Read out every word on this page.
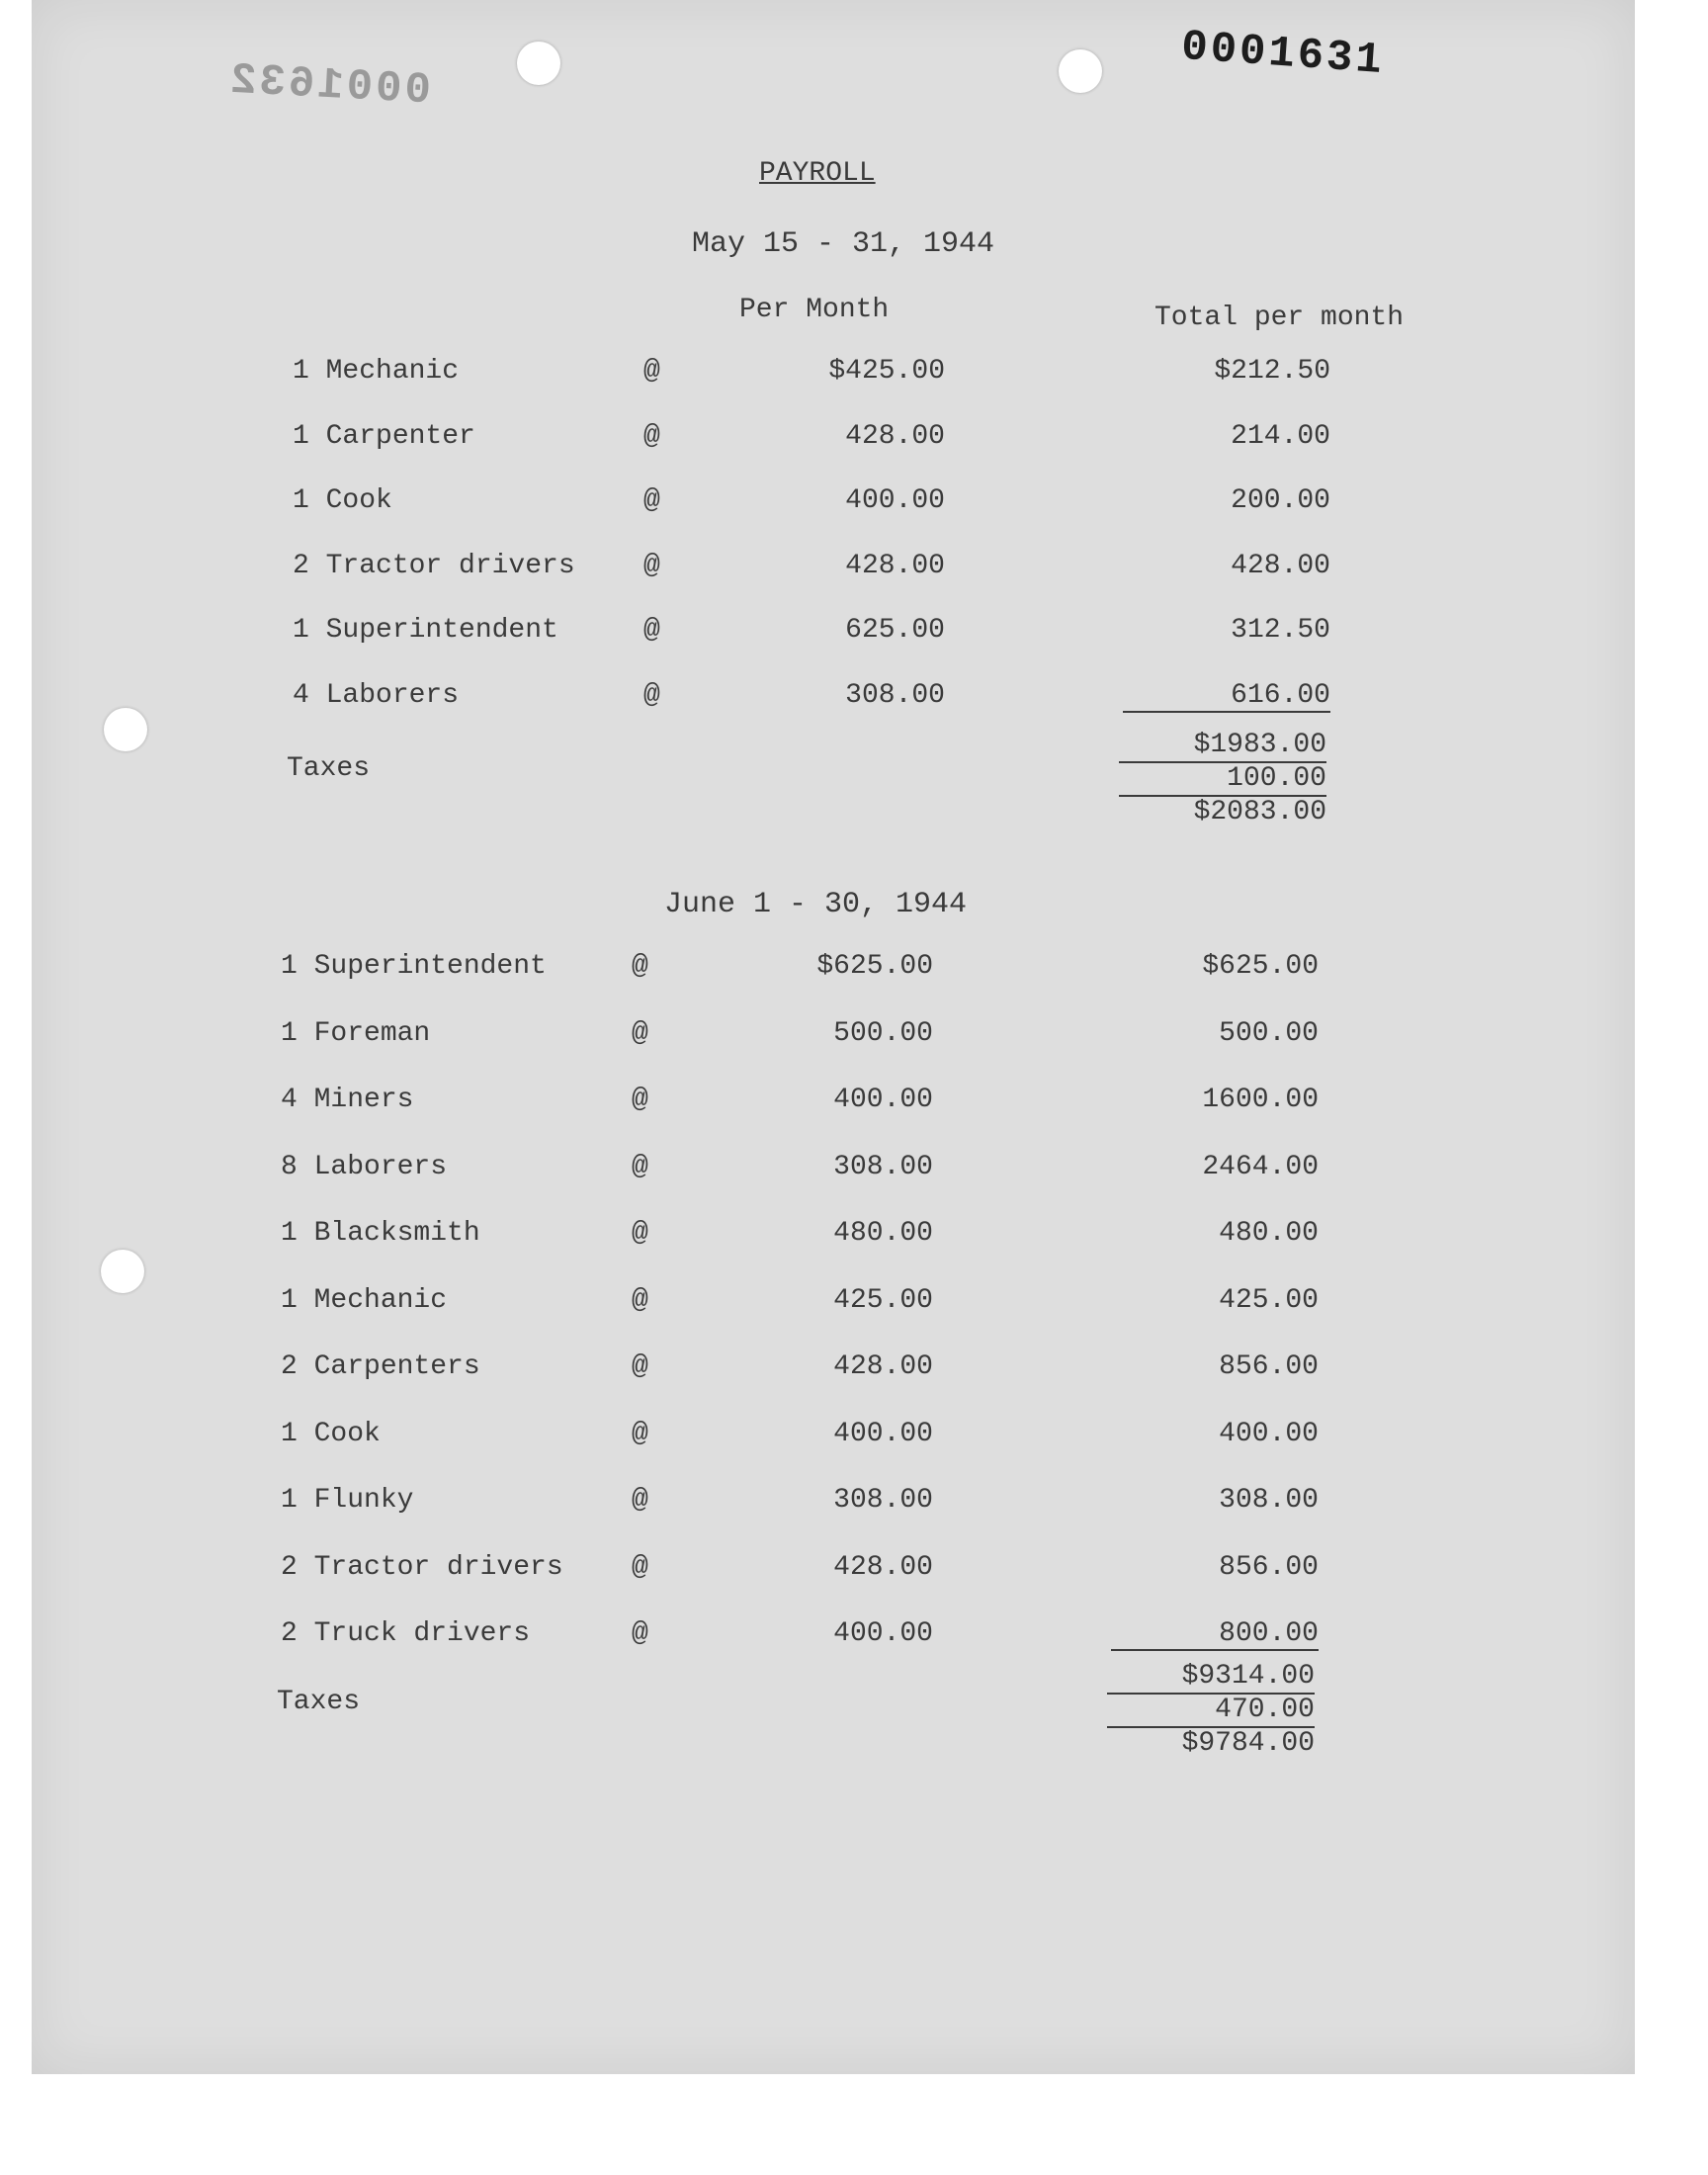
0001631
0001632
PAYROLL
May 15 - 31, 1944
Per Month	Total per month
1 Mechanic	@	$425.00	$212.50
1 Carpenter	@	428.00	214.00
1 Cook	@	400.00	200.00
2 Tractor drivers @	428.00	428.00
1 Superintendent	@	625.00	312.50
4 Laborers	@	308.00	616.00
Taxes
$1983.00
100.00
$2083.00
June 1 - 30, 1944
1 Superintendent	@	$625.00	$625.00
1 Foreman	@	500.00	500.00
4 Miners	@	400.00	1600.00
8 Laborers	@	308.00	2464.00
1 Blacksmith	@	480.00	480.00
1 Mechanic	@	425.00	425.00
2 Carpenters	@	428.00	856.00
1 Cook	@	400.00	400.00
1 Flunky	@	308.00	308.00
2 Tractor drivers @	428.00	856.00
2 Truck drivers	@	400.00	800.00
Taxes
$9314.00
470.00
$9784.00
